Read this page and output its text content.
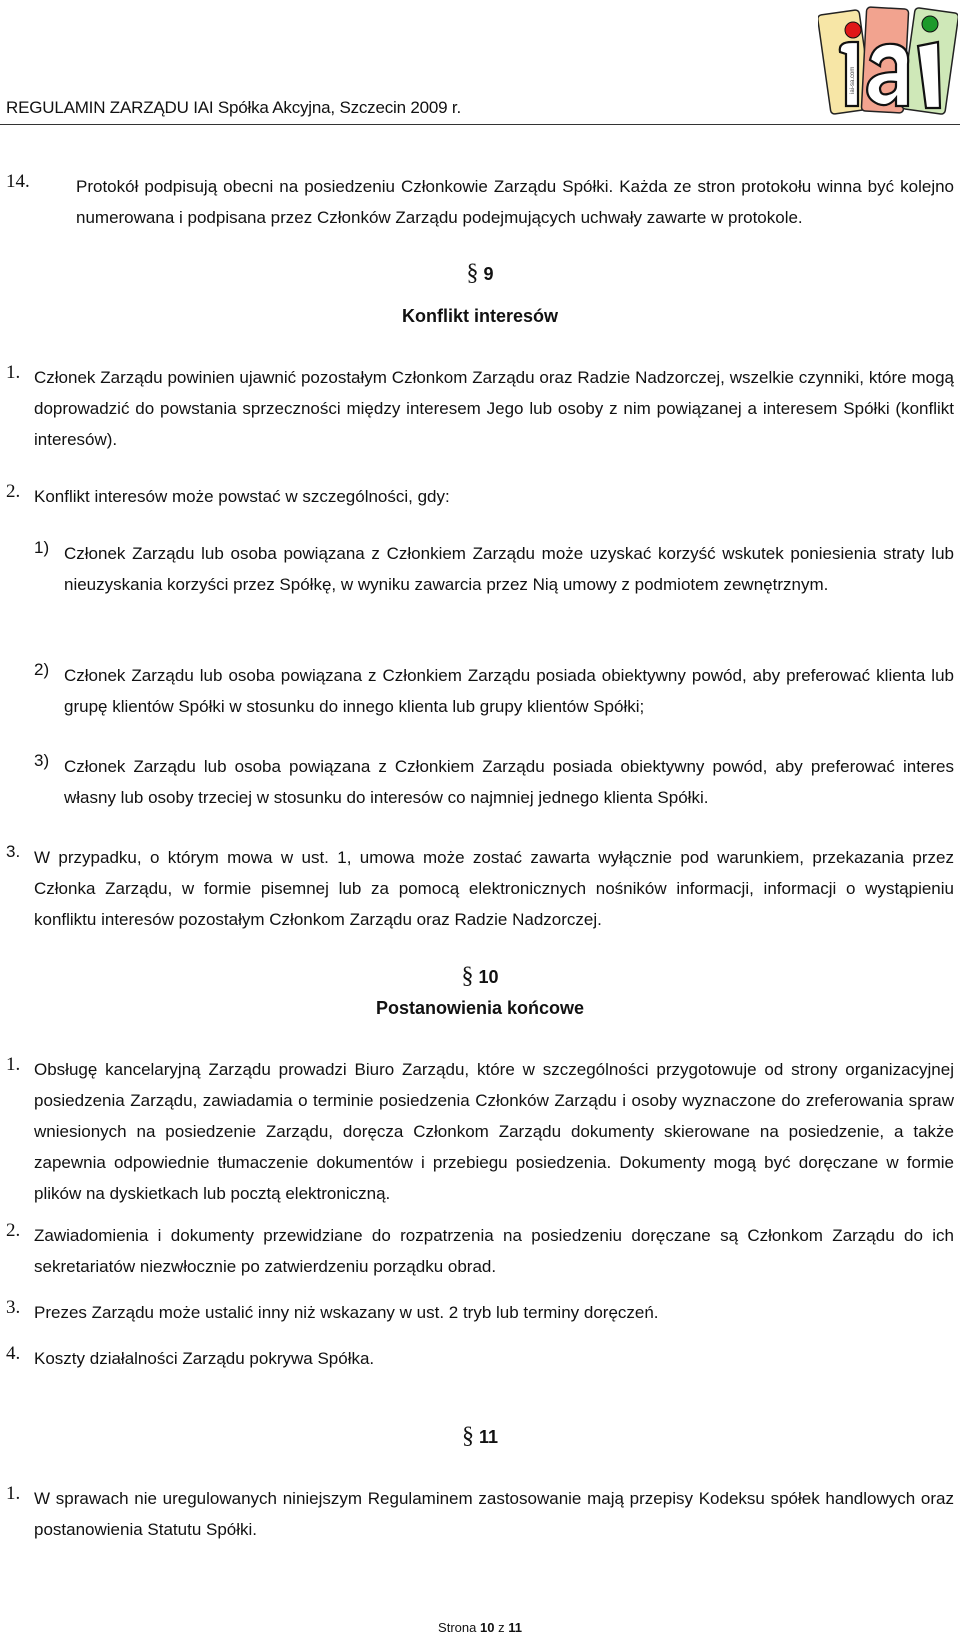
REGULAMIN ZARZĄDU IAI Spółka Akcyjna, Szczecin 2009 r.
iai-sa.com
14.	Protokół podpisują obecni na posiedzeniu Członkowie Zarządu Spółki. Każda ze stron protokołu winna być kolejno numerowana i podpisana przez Członków Zarządu podejmujących uchwały zawarte w protokole.
§ 9
Konflikt interesów
1. Członek Zarządu powinien ujawnić pozostałym Członkom Zarządu oraz Radzie Nadzorczej, wszelkie czynniki, które mogą doprowadzić do powstania sprzeczności między interesem Jego lub osoby z nim powiązanej a interesem Spółki (konflikt interesów).
2. Konflikt interesów może powstać w szczególności, gdy:
1) Członek Zarządu lub osoba powiązana z Członkiem Zarządu może uzyskać korzyść wskutek poniesienia straty lub nieuzyskania korzyści przez Spółkę, w wyniku zawarcia przez Nią umowy z podmiotem zewnętrznym.
2) Członek Zarządu lub osoba powiązana z Członkiem Zarządu posiada obiektywny powód, aby preferować klienta lub grupę klientów Spółki w stosunku do innego klienta lub grupy klientów Spółki;
3) Członek Zarządu lub osoba powiązana z Członkiem Zarządu posiada obiektywny powód, aby preferować interes własny lub osoby trzeciej w stosunku do interesów co najmniej jednego klienta Spółki.
3. W przypadku, o którym mowa w ust. 1, umowa może zostać zawarta wyłącznie pod warunkiem, przekazania przez Członka Zarządu, w formie pisemnej lub za pomocą elektronicznych nośników informacji, informacji o wystąpieniu konfliktu interesów pozostałym Członkom Zarządu oraz Radzie Nadzorczej.
§ 10
Postanowienia końcowe
1. Obsługę kancelaryjną Zarządu prowadzi Biuro Zarządu, które w szczególności przygotowuje od strony organizacyjnej posiedzenia Zarządu, zawiadamia o terminie posiedzenia Członków Zarządu i osoby wyznaczone do zreferowania spraw wniesionych na posiedzenie Zarządu, doręcza Członkom Zarządu dokumenty skierowane na posiedzenie, a także zapewnia odpowiednie tłumaczenie dokumentów i przebiegu posiedzenia. Dokumenty mogą być doręczane w formie plików na dyskietkach lub pocztą elektroniczną.
2. Zawiadomienia i dokumenty przewidziane do rozpatrzenia na posiedzeniu doręczane są Członkom Zarządu do ich sekretariatów niezwłocznie po zatwierdzeniu porządku obrad.
3. Prezes Zarządu może ustalić inny niż wskazany w ust. 2 tryb lub terminy doręczeń.
4. Koszty działalności Zarządu pokrywa Spółka.
§ 11
1. W sprawach nie uregulowanych niniejszym Regulaminem zastosowanie mają przepisy Kodeksu spółek handlowych oraz postanowienia Statutu Spółki.
Strona 10 z 11
